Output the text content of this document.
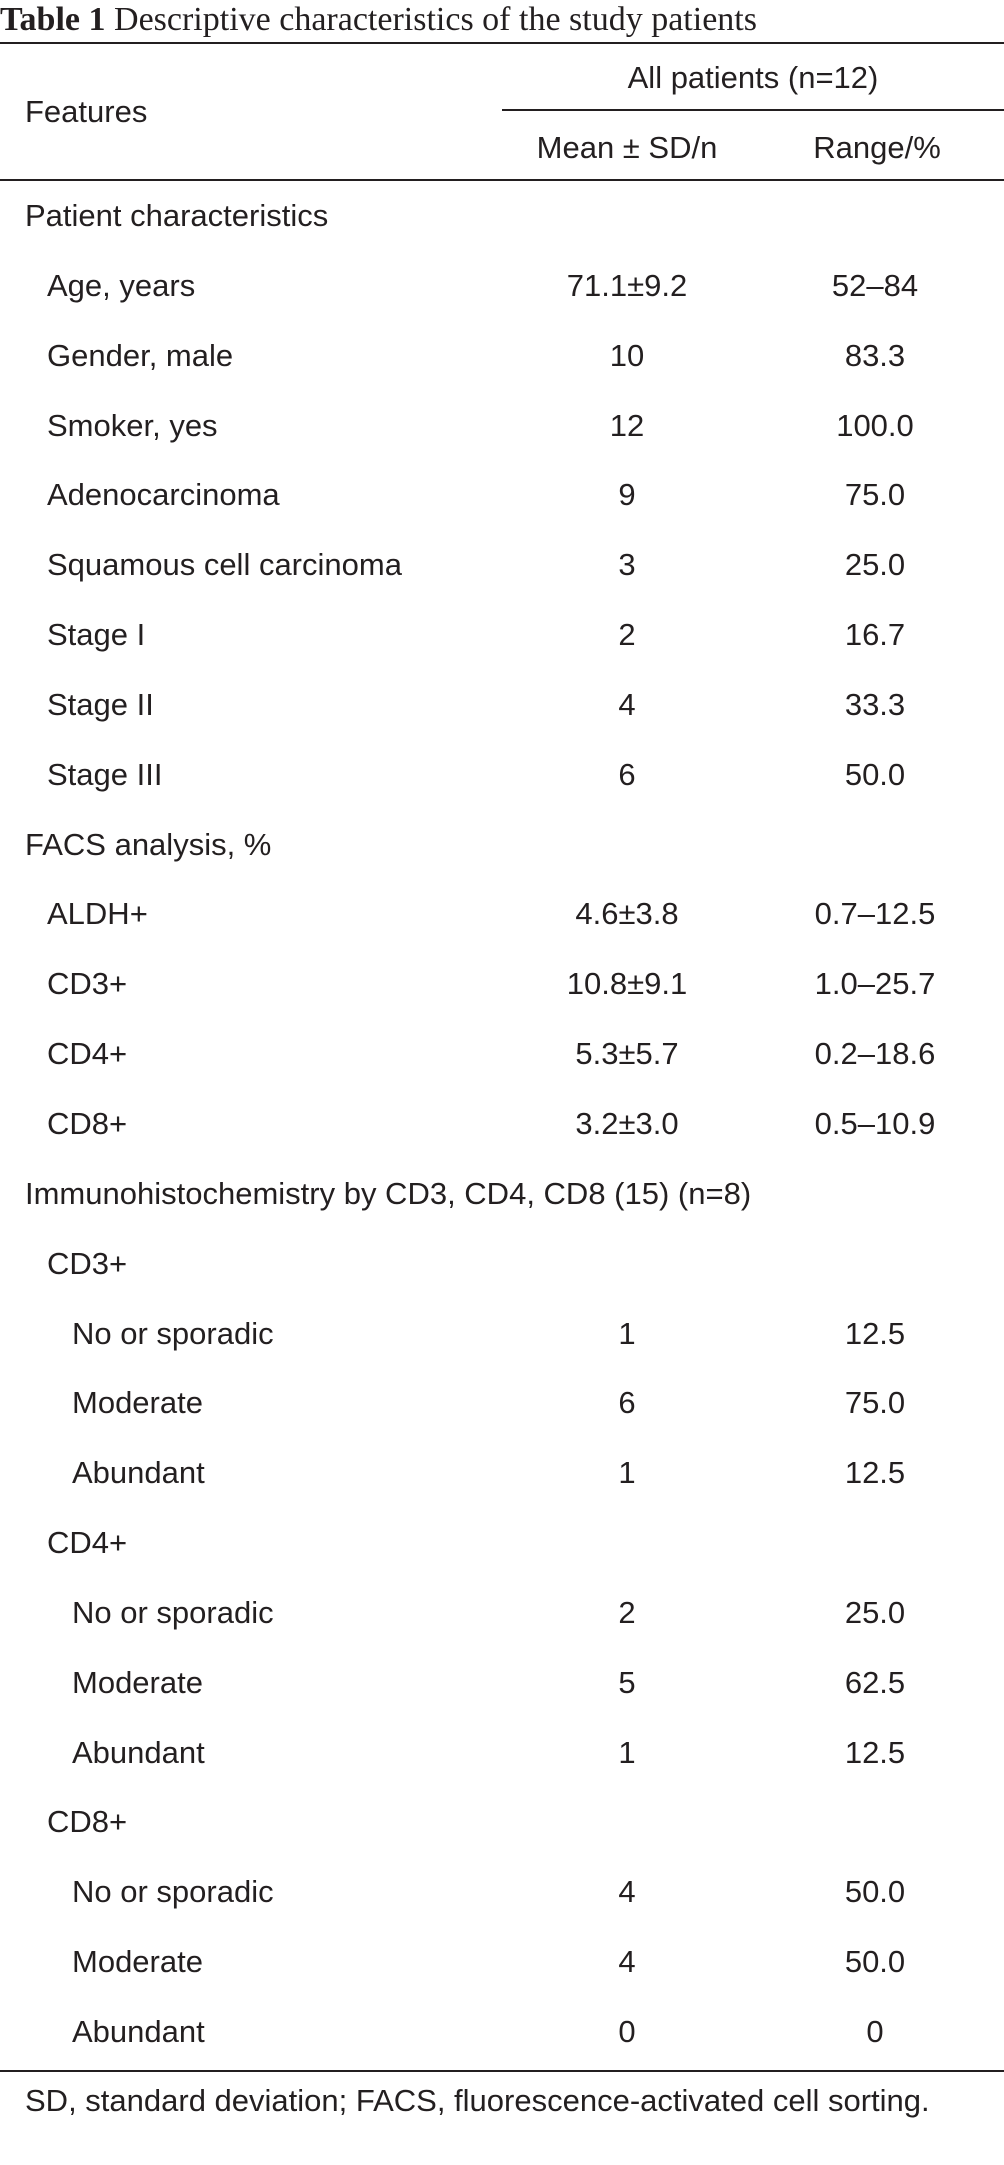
Table 1 Descriptive characteristics of the study patients
Features
All patients (n=12)
Mean ± SD/n	Range/%
Patient characteristics
Age, years	71.1±9.2	52–84
Gender, male	10	83.3
Smoker, yes	12	100.0
Adenocarcinoma	9	75.0
Squamous cell carcinoma	3	25.0
Stage I	2	16.7
Stage II	4	33.3
Stage III	6	50.0
FACS analysis, %
ALDH+	4.6±3.8	0.7–12.5
CD3+	10.8±9.1	1.0–25.7
CD4+	5.3±5.7	0.2–18.6
CD8+	3.2±3.0	0.5–10.9
Immunohistochemistry by CD3, CD4, CD8 (15) (n=8)
CD3+
No or sporadic	1	12.5
Moderate	6	75.0
Abundant	1	12.5
CD4+
No or sporadic	2	25.0
Moderate	5	62.5
Abundant	1	12.5
CD8+
No or sporadic	4	50.0
Moderate	4	50.0
Abundant	0	0
SD, standard deviation; FACS, fluorescence-activated cell sorting.
